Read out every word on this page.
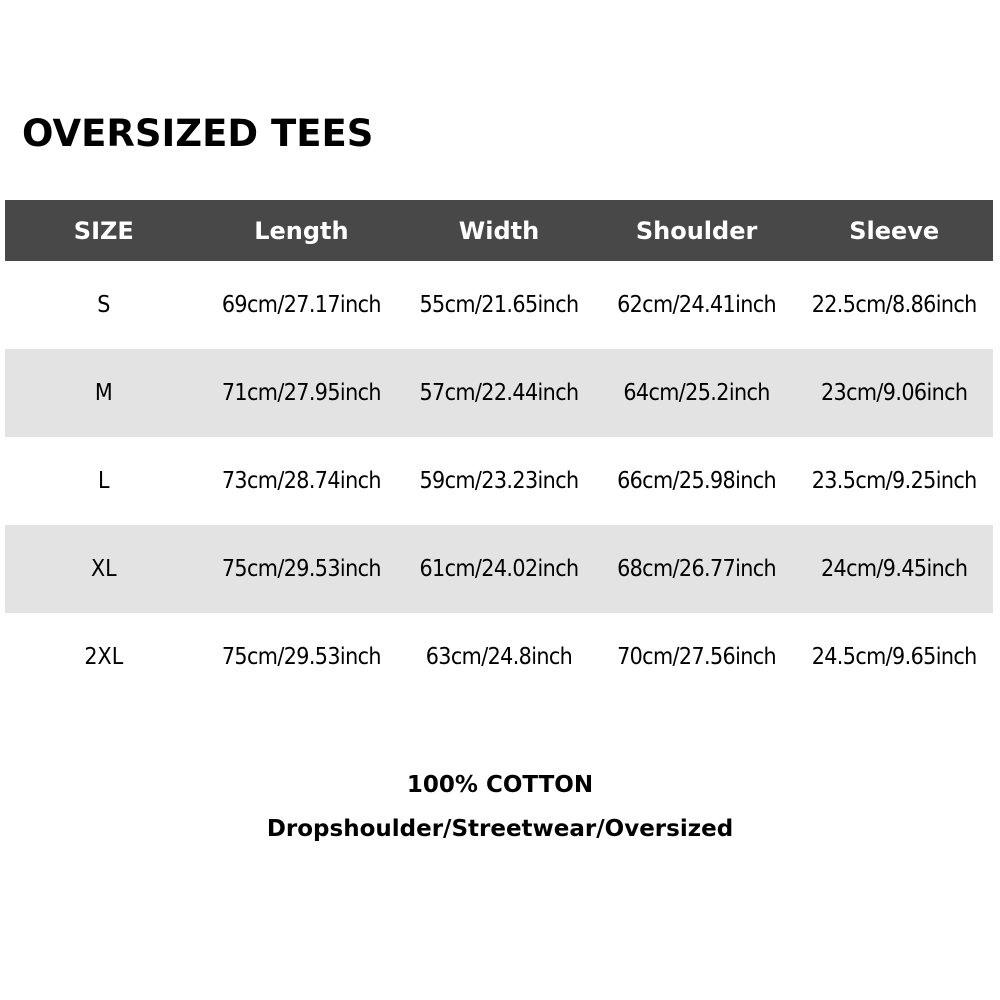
OVERSIZED TEES
SIZE	Length	Width	Shoulder	Sleeve
S	69cm/27.17inch	55cm/21.65inch	62cm/24.41inch	22.5cm/8.86inch
M	71cm/27.95inch	57cm/22.44inch	64cm/25.2inch	23cm/9.06inch
L	73cm/28.74inch	59cm/23.23inch	66cm/25.98inch	23.5cm/9.25inch
XL	75cm/29.53inch	61cm/24.02inch	68cm/26.77inch	24cm/9.45inch
2XL	75cm/29.53inch	63cm/24.8inch	70cm/27.56inch	24.5cm/9.65inch
100% COTTON
Dropshoulder/Streetwear/Oversized
